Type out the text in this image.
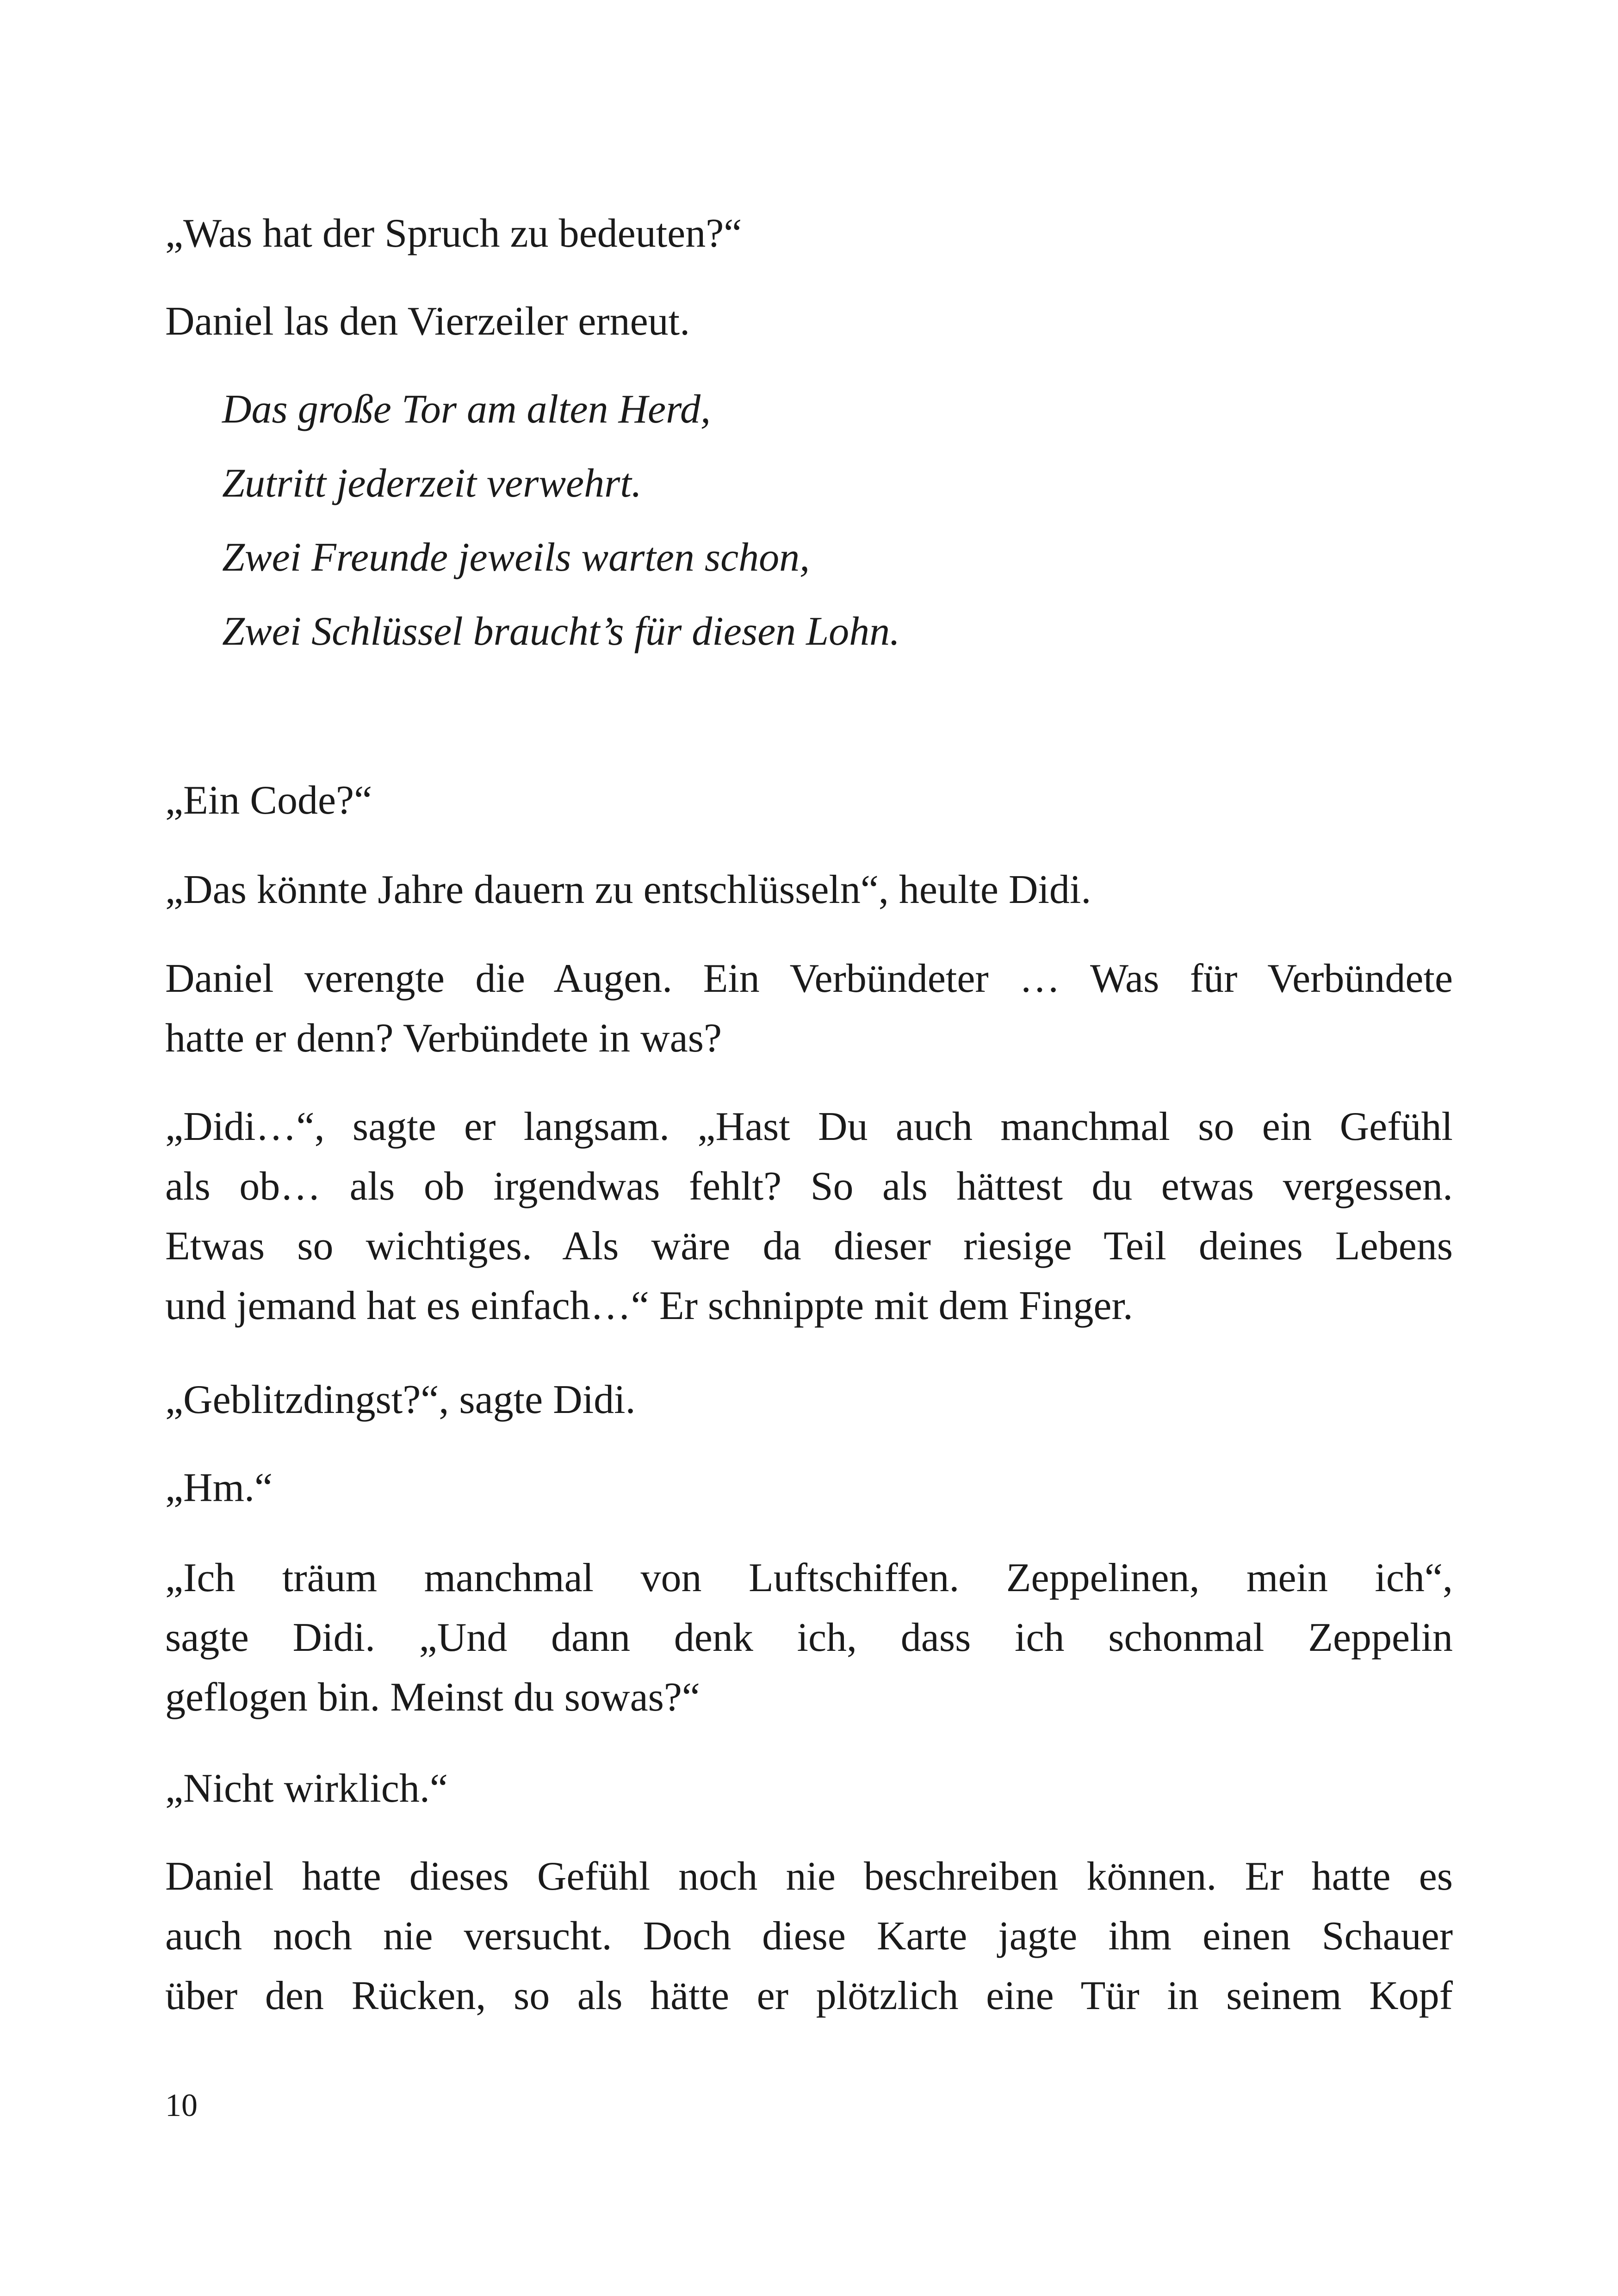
„Was hat der Spruch zu bedeuten?“

Daniel las den Vierzeiler erneut.

Das große Tor am alten Herd,

Zutritt jederzeit verwehrt.

Zwei Freunde jeweils warten schon,

Zwei Schlüssel braucht’s für diesen Lohn.

„Ein Code?“

„Das könnte Jahre dauern zu entschlüsseln“, heulte Didi.

Daniel verengte die Augen. Ein Verbündeter … Was für Verbündete
hatte er denn? Verbündete in was?
„Didi…“, sagte er langsam. „Hast Du auch manchmal so ein Gefühl
als ob… als ob irgendwas fehlt? So als hättest du etwas vergessen.
Etwas so wichtiges. Als wäre da dieser riesige Teil deines Lebens
und jemand hat es einfach…“ Er schnippte mit dem Finger.

„Geblitzdingst?“, sagte Didi.

„Hm.“

„Ich träum manchmal von Luftschiffen. Zeppelinen, mein ich“,
sagte Didi. „Und dann denk ich, dass ich schonmal Zeppelin
geflogen bin. Meinst du sowas?“

„Nicht wirklich.“

Daniel hatte dieses Gefühl noch nie beschreiben können. Er hatte es
auch noch nie versucht. Doch diese Karte jagte ihm einen Schauer
über den Rücken, so als hätte er plötzlich eine Tür in seinem Kopf

10
